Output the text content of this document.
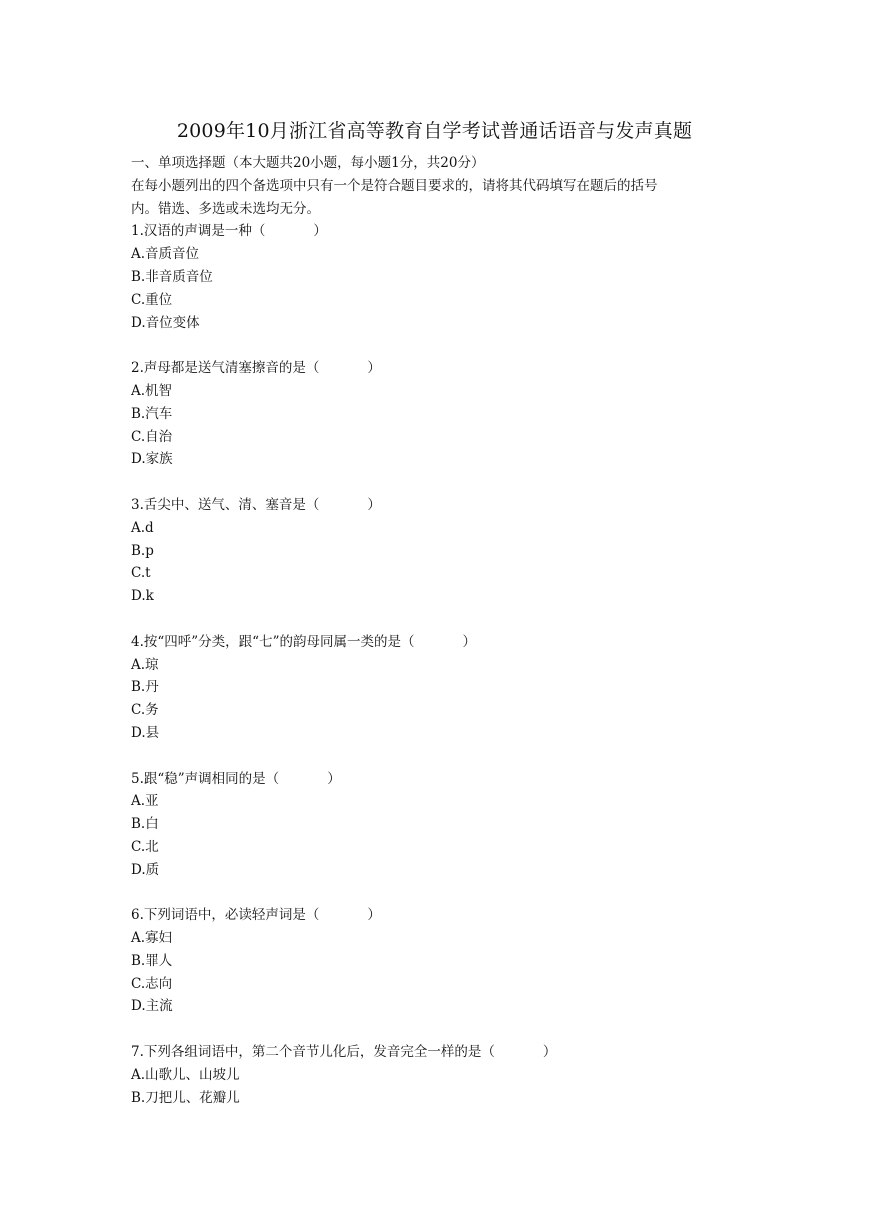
2009年10月浙江省高等教育自学考试普通话语音与发声真题
一、单项选择题（本大题共20小题，每小题1分，共20分）
在每小题列出的四个备选项中只有一个是符合题目要求的，请将其代码填写在题后的括号
内。错选、多选或未选均无分。
1.汉语的声调是一种（	）
A.音质音位
B.非音质音位
C.重位
D.音位变体
2.声母都是送气清塞擦音的是（	）
A.机智
B.汽车
C.自治
D.家族
3.舌尖中、送气、清、塞音是（	）
A.d
B.p
C.t
D.k
4.按“四呼”分类，跟“七”的韵母同属一类的是（	）
A.琼
B.丹
C.务
D.县
5.跟“稳”声调相同的是（	）
A.亚
B.白
C.北
D.质
6.下列词语中，必读轻声词是（	）
A.寡妇
B.罪人
C.志向
D.主流
7.下列各组词语中，第二个音节儿化后，发音完全一样的是（	）
A.山歌儿、山坡儿
B.刀把儿、花瓣儿
